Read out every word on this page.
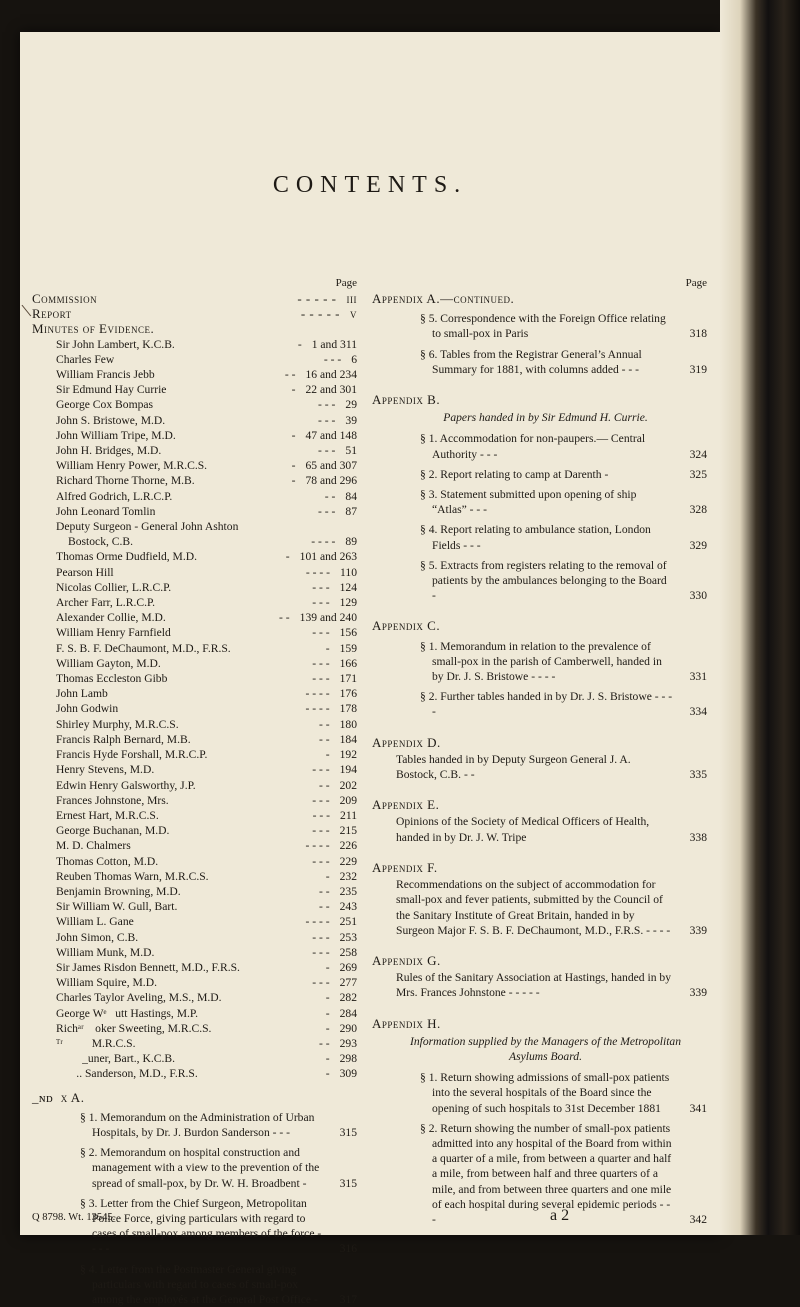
\
CONTENTS.
Page
Commission	- - - - - iii
Report	- - - - - v
Minutes of Evidence.
Sir John Lambert, K.C.B.	- 1 and 311
Charles Few	- - - 6
William Francis Jebb	- - 16 and 234
Sir Edmund Hay Currie	- 22 and 301
George Cox Bompas	- - - 29
John S. Bristowe, M.D.	- - - 39
John William Tripe, M.D.	- 47 and 148
John H. Bridges, M.D.	- - - 51
William Henry Power, M.R.C.S.	- 65 and 307
Richard Thorne Thorne, M.B.	- 78 and 296
Alfred Godrich, L.R.C.P.	- - 84
John Leonard Tomlin	- - - 87
Deputy Surgeon - General John Ashton
Bostock, C.B.	- - - - 89
Thomas Orme Dudfield, M.D.	- 101 and 263
Pearson Hill	- - - - 110
Nicolas Collier, L.R.C.P.	- - - 124
Archer Farr, L.R.C.P.	- - - 129
Alexander Collie, M.D.	- - 139 and 240
William Henry Farnfield	- - - 156
F. S. B. F. DeChaumont, M.D., F.R.S.	- 159
William Gayton, M.D.	- - - 166
Thomas Eccleston Gibb	- - - 171
John Lamb	- - - - 176
John Godwin	- - - - 178
Shirley Murphy, M.R.C.S.	- - 180
Francis Ralph Bernard, M.B.	- - 184
Francis Hyde Forshall, M.R.C.P.	- 192
Henry Stevens, M.D.	- - - 194
Edwin Henry Galsworthy, J.P.	- - 202
Frances Johnstone, Mrs.	- - - 209
Ernest Hart, M.R.C.S.	- - - 211
George Buchanan, M.D.	- - - 215
M. D. Chalmers	- - - - 226
Thomas Cotton, M.D.	- - - 229
Reuben Thomas Warn, M.R.C.S.	- 232
Benjamin Browning, M.D.	- - 235
Sir William W. Gull, Bart.	- - 243
William L. Gane	- - - - 251
John Simon, C.B.	- - - 253
William Munk, M.D.	- - - 258
Sir James Risdon Bennett, M.D., F.R.S.	- 269
William Squire, M.D.	- - - 277
Charles Taylor Aveling, M.S., M.D.	- 282
George Wᵉ   utt Hastings, M.P.	- 284
Richᵃʳ    oker Sweeting, M.R.C.S.	- 290
ᵀʳ          M.R.C.S.	- - 293
_uner, Bart., K.C.B.	- 298
.. Sanderson, M.D., F.R.S.	- 309
_ɴᴅɪx A.
§ 1. Memorandum on the Administration of Urban Hospitals, by Dr. J. Burdon Sanderson - - -	315
§ 2. Memorandum on hospital construction and management with a view to the prevention of the spread of small-pox, by Dr. W. H. Broadbent -	315
§ 3. Letter from the Chief Surgeon, Metropolitan Police Force, giving particulars with regard to cases of small-pox among members of the force - - - -	316
§ 4. Letter from the Postmaster General giving particulars with regard to cases of small-pox among the employés at the General Post Office -	317
Page
Appendix A.—continued.
§ 5. Correspondence with the Foreign Office relating to small-pox in Paris	318
§ 6. Tables from the Registrar General’s Annual Summary for 1881, with columns added - - -	319
Appendix B.
Papers handed in by Sir Edmund H. Currie.
§ 1. Accommodation for non-paupers.— Central Authority - - -	324
§ 2. Report relating to camp at Darenth -	325
§ 3. Statement submitted upon opening of ship “Atlas” - - -	328
§ 4. Report relating to ambulance station, London Fields - - -	329
§ 5. Extracts from registers relating to the removal of patients by the ambulances belonging to the Board -	330
Appendix C.
§ 1. Memorandum in relation to the prevalence of small-pox in the parish of Camberwell, handed in by Dr. J. S. Bristowe - - - -	331
§ 2. Further tables handed in by Dr. J. S. Bristowe - - - -	334
Appendix D.
Tables handed in by Deputy Surgeon General J. A. Bostock, C.B. - -	335
Appendix E.
Opinions of the Society of Medical Officers of Health, handed in by Dr. J. W. Tripe	338
Appendix F.
Recommendations on the subject of accommodation for small-pox and fever patients, submitted by the Council of the Sanitary Institute of Great Britain, handed in by Surgeon Major F. S. B. F. DeChaumont, M.D., F.R.S. - - - - 339
Appendix G.
Rules of the Sanitary Association at Hastings, handed in by Mrs. Frances Johnstone - - - - -	339
Appendix H.
Information supplied by the Managers of the Metropolitan Asylums Board.
§ 1. Return showing admissions of small-pox patients into the several hospitals of the Board since the opening of such hospitals to 31st December 1881	341
§ 2. Return showing the number of small-pox patients admitted into any hospital of the Board from within a quarter of a mile, from between a quarter and half a mile, from between half and three quarters of a mile, and from between three quarters and one mile of each hospital during several epidemic periods - - -	342
Q 8798. Wt. 13545.	a 2
